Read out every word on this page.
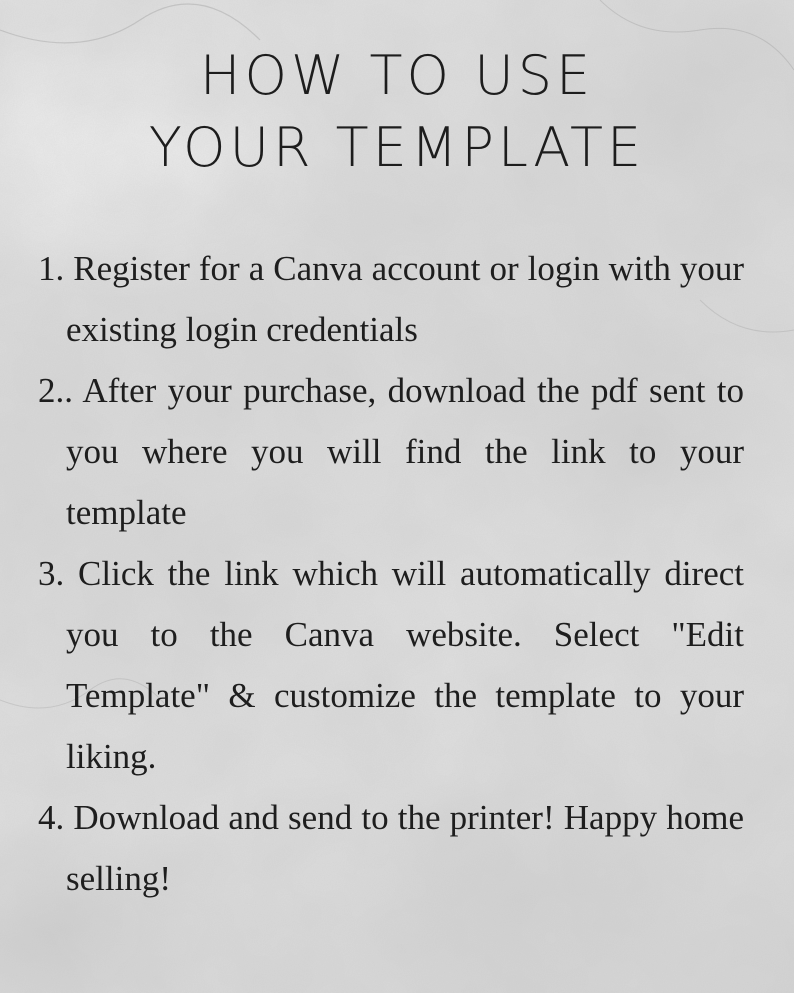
HOW TO USE
YOUR TEMPLATE
1. Register for a Canva account or login with your existing login credentials
2.. After your purchase, download the pdf sent to you where you will find the link to your template
3. Click the link which will automatically direct you to the Canva website. Select "Edit Template" & customize the template to your liking.
4. Download and send to the printer! Happy home selling!
